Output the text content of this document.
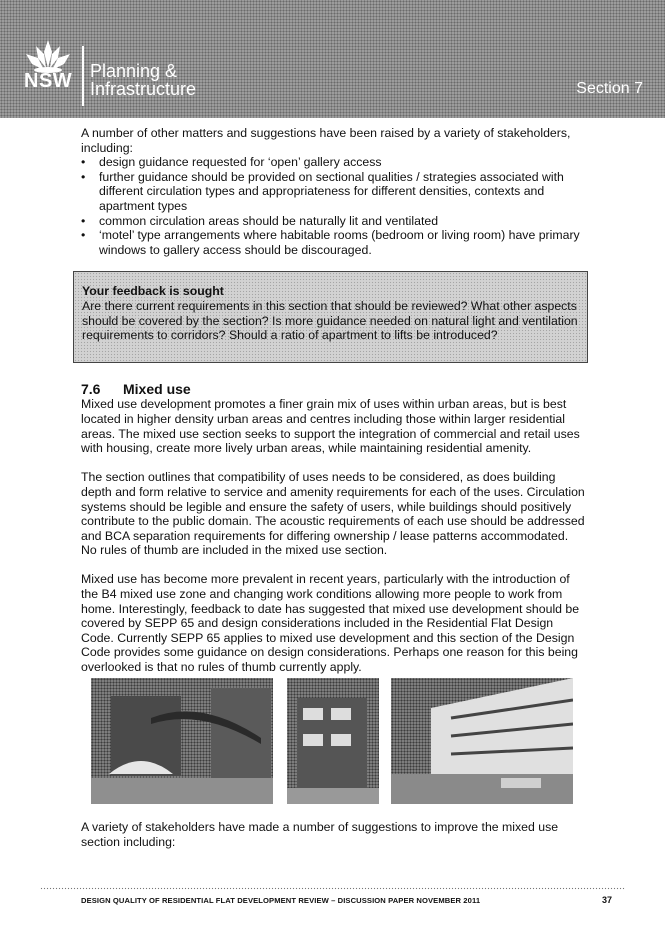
NSW Planning &
Infrastructure	Section 7

A number of other matters and suggestions have been raised by a variety of stakeholders, including:

• design guidance requested for ‘open’ gallery access
• further guidance should be provided on sectional qualities / strategies associated with different circulation types and appropriateness for different densities, contexts and apartment types
• common circulation areas should be naturally lit and ventilated
• ‘motel’ type arrangements where habitable rooms (bedroom or living room) have primary windows to gallery access should be discouraged.
Your feedback is sought
Are there current requirements in this section that should be reviewed? What other aspects should be covered by the section? Is more guidance needed on natural light and ventilation requirements to corridors? Should a ratio of apartment to lifts be introduced?
7.6 Mixed use

Mixed use development promotes a finer grain mix of uses within urban areas, but is best located in higher density urban areas and centres including those within larger residential areas. The mixed use section seeks to support the integration of commercial and retail uses with housing, create more lively urban areas, while maintaining residential amenity.

The section outlines that compatibility of uses needs to be considered, as does building depth and form relative to service and amenity requirements for each of the uses. Circulation systems should be legible and ensure the safety of users, while buildings should positively contribute to the public domain. The acoustic requirements of each use should be addressed and BCA separation requirements for differing ownership / lease patterns accommodated. No rules of thumb are included in the mixed use section.

Mixed use has become more prevalent in recent years, particularly with the introduction of the B4 mixed use zone and changing work conditions allowing more people to work from home. Interestingly, feedback to date has suggested that mixed use development should be covered by SEPP 65 and design considerations included in the Residential Flat Design Code. Currently SEPP 65 applies to mixed use development and this section of the Design Code provides some guidance on design considerations. Perhaps one reason for this being overlooked is that no rules of thumb currently apply.

A variety of stakeholders have made a number of suggestions to improve the mixed use section including:

DESIGN QUALITY OF RESIDENTIAL FLAT DEVELOPMENT REVIEW – DISCUSSION PAPER NOVEMBER 2011	37
